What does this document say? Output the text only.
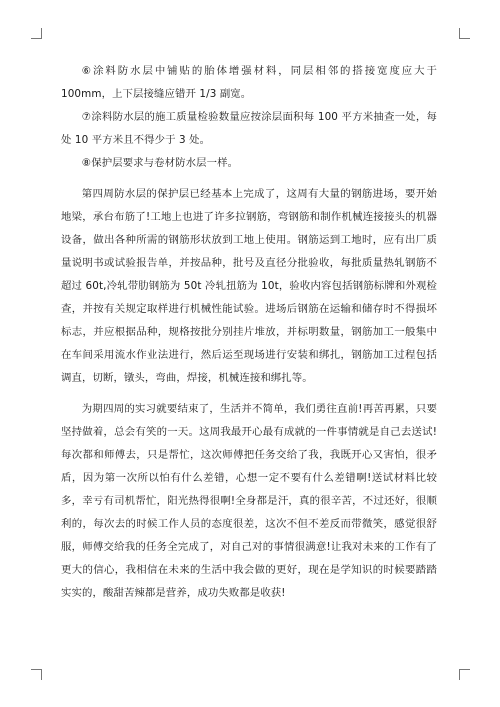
⑥涂料防水层中铺贴的胎体增强材料，同层相邻的搭接宽度应大于 100mm，上下层接缝应错开 1/3 副宽。

⑦涂料防水层的施工质量检验数量应按涂层面积每 100 平方米抽查一处，每处 10 平方米且不得少于 3 处。

⑧保护层要求与卷材防水层一样。

第四周防水层的保护层已经基本上完成了，这周有大量的钢筋进场，要开始地梁，承台布筋了!工地上也进了许多拉钢筋，弯钢筋和制作机械连接接头的机器设备，做出各种所需的钢筋形状放到工地上使用。钢筋运到工地时，应有出厂质量说明书或试验报告单，并按品种，批号及直径分批验收，每批质量热轧钢筋不超过 60t,冷轧带肋钢筋为 50t 冷轧扭筋为 10t，验收内容包括钢筋标牌和外观检查，并按有关规定取样进行机械性能试验。进场后钢筋在运输和储存时不得损坏标志，并应根据品种，规格按批分别挂片堆放，并标明数量，钢筋加工一般集中在车间采用流水作业法进行，然后运至现场进行安装和绑扎，钢筋加工过程包括调直，切断，镦头，弯曲，焊接，机械连接和绑扎等。

为期四周的实习就要结束了，生活并不简单，我们勇往直前!再苦再累，只要坚持做着，总会有笑的一天。这周我最开心最有成就的一件事情就是自己去送试!每次都和师傅去，只是帮忙，这次师傅把任务交给了我，我既开心又害怕，很矛盾，因为第一次所以怕有什么差错，心想一定不要有什么差错啊!送试材料比较多，幸亏有司机帮忙，阳光热得很啊!全身都是汗，真的很辛苦，不过还好，很顺利的，每次去的时候工作人员的态度很差，这次不但不差反而带微笑，感觉很舒服，师傅交给我的任务全完成了，对自己对的事情很满意!让我对未来的工作有了更大的信心，我相信在未来的生活中我会做的更好，现在是学知识的时候要踏踏实实的，酸甜苦辣都是营养，成功失败都是收获!
